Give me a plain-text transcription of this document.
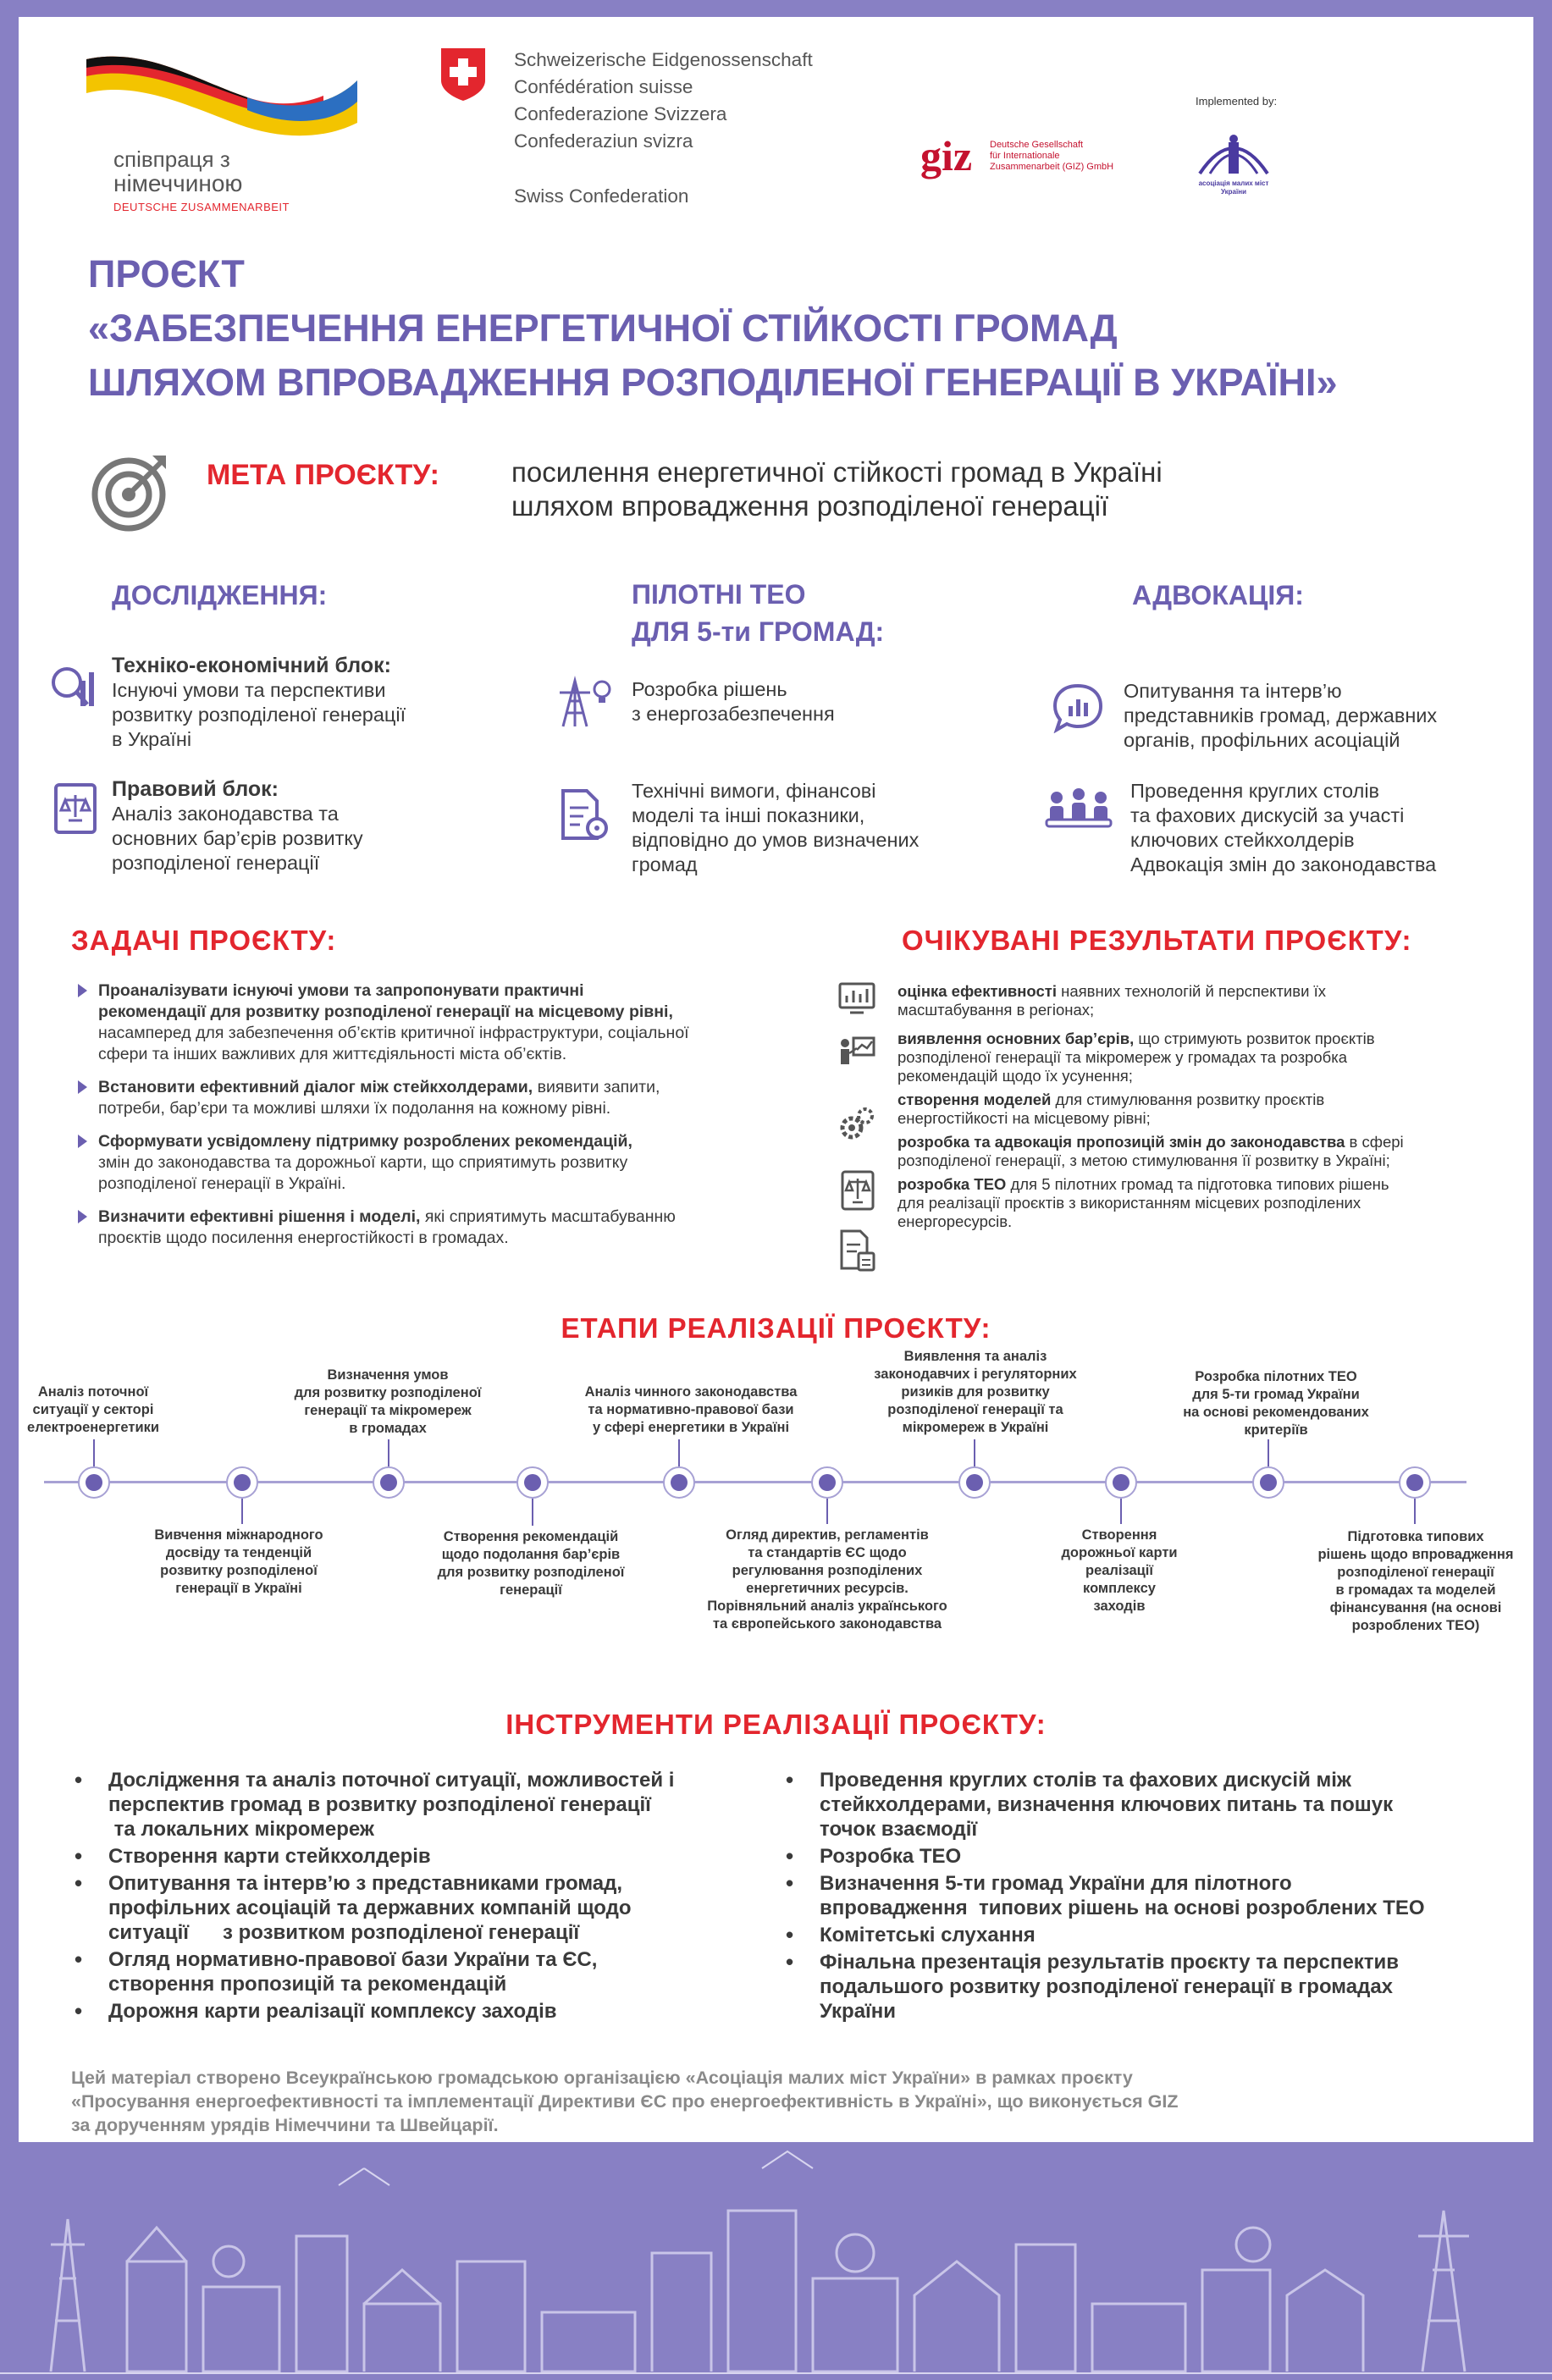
співпраця з
німеччиною
DEUTSCHE ZUSAMMENARBEIT
Schweizerische Eidgenossenschaft
Confédération suisse
Confederazione Svizzera
Confederaziun svizra
Swiss Confederation
Implemented by:
giz Deutsche Gesellschaft
für Internationale
Zusammenarbeit (GIZ) GmbH
асоціація малих міст України
ПРОЄКТ
«ЗАБЕЗПЕЧЕННЯ ЕНЕРГЕТИЧНОЇ СТІЙКОСТІ ГРОМАД
ШЛЯХОМ ВПРОВАДЖЕННЯ РОЗПОДІЛЕНОЇ ГЕНЕРАЦІЇ В УКРАЇНІ»
МЕТА ПРОЄКТУ:	посилення енергетичної стійкості громад в Україні
шляхом впровадження розподіленої генерації
ДОСЛІДЖЕННЯ:
Техніко-економічний блок:
Існуючі умови та перспективи
розвитку розподіленої генерації
в Україні
Правовий блок:
Аналіз законодавства та
основних бар’єрів розвитку
розподіленої генерації
ПІЛОТНІ ТЕО
ДЛЯ 5-ти ГРОМАД:
Розробка рішень
з енергозабезпечення
Технічні вимоги, фінансові
моделі та інші показники,
відповідно до умов визначених
громад
АДВОКАЦІЯ:
Опитування та інтерв’ю
представників громад, державних
органів, профільних асоціацій
Проведення круглих столів
та фахових дискусій за участі
ключових стейкхолдерів
Адвокація змін до законодавства
ЗАДАЧІ ПРОЄКТУ:
Проаналізувати існуючі умови та запропонувати практичні
рекомендації для розвитку розподіленої генерації на місцевому рівні,
насамперед для забезпечення об’єктів критичної інфраструктури, соціальної
сфери та інших важливих для життєдіяльності міста об’єктів.
Встановити ефективний діалог між стейкхолдерами, виявити запити,
потреби, бар’єри та можливі шляхи їх подолання на кожному рівні.
Сформувати усвідомлену підтримку розроблених рекомендацій,
змін до законодавства та дорожньої карти, що сприятимуть розвитку
розподіленої генерації в Україні.
Визначити ефективні рішення і моделі, які сприятимуть масштабуванню
проєктів щодо посилення енергостійкості в громадах.
ОЧІКУВАНІ РЕЗУЛЬТАТИ ПРОЄКТУ:
оцінка ефективності наявних технологій й перспективи їх
масштабування в регіонах;
виявлення основних бар’єрів, що стримують розвиток проєктів
розподіленої генерації та мікромереж у громадах та розробка
рекомендацій щодо їх усунення;
створення моделей для стимулювання розвитку проєктів
енергостійкості на місцевому рівні;
розробка та адвокація пропозицій змін до законодавства в сфері
розподіленої генерації, з метою стимулювання її розвитку в Україні;
розробка ТЕО для 5 пілотних громад та підготовка типових рішень
для реалізації проєктів з використанням місцевих розподілених
енергоресурсів.
ЕТАПИ РЕАЛІЗАЦІЇ ПРОЄКТУ:
Аналіз поточної
ситуації у секторі
електроенергетики
Визначення умов
для розвитку розподіленої
генерації та мікромереж
в громадах
Аналіз чинного законодавства
та нормативно-правової бази
у сфері енергетики в Україні
Виявлення та аналіз
законодавчих і регуляторних
ризиків для розвитку
розподіленої генерації та
мікромереж в Україні
Розробка пілотних ТЕО
для 5-ти громад України
на основі рекомендованих
критеріїв
Вивчення міжнародного
досвіду та тенденцій
розвитку розподіленої
генерації в Україні
Створення рекомендацій
щодо подолання бар’єрів
для розвитку розподіленої
генерації
Огляд директив, регламентів
та стандартів ЄС щодо
регулювання розподілених
енергетичних ресурсів.
Порівняльний аналіз українського
та європейського законодавства
Створення
дорожньої карти
реалізації
комплексу
заходів
Підготовка типових
рішень щодо впровадження
розподіленої генерації
в громадах та моделей
фінансування (на основі
розроблених ТЕО)
ІНСТРУМЕНТИ РЕАЛІЗАЦІЇ ПРОЄКТУ:
• Дослідження та аналіз поточної ситуації, можливостей і
перспектив громад в розвитку розподіленої генерації
та локальних мікромереж
• Створення карти стейкхолдерів
• Опитування та інтерв’ю з представниками громад,
профільних асоціацій та державних компаній щодо
ситуації      з розвитком розподіленої генерації
• Огляд нормативно-правової бази України та ЄС,
створення пропозицій та рекомендацій
• Дорожня карти реалізації комплексу заходів
• Проведення круглих столів та фахових дискусій між
стейкхолдерами, визначення ключових питань та пошук
точок взаємодії
• Розробка ТЕО
• Визначення 5-ти громад України для пілотного
впровадження  типових рішень на основі розроблених ТЕО
• Комітетські слухання
• Фінальна презентація результатів проєкту та перспектив
подальшого розвитку розподіленої генерації в громадах
України
Цей матеріал створено Всеукраїнською громадською організацією «Асоціація малих міст України» в рамках проєкту
«Просування енергоефективності та імплементації Директиви ЄС про енергоефективність в Україні», що виконується GIZ
за дорученням урядів Німеччини та Швейцарії.
